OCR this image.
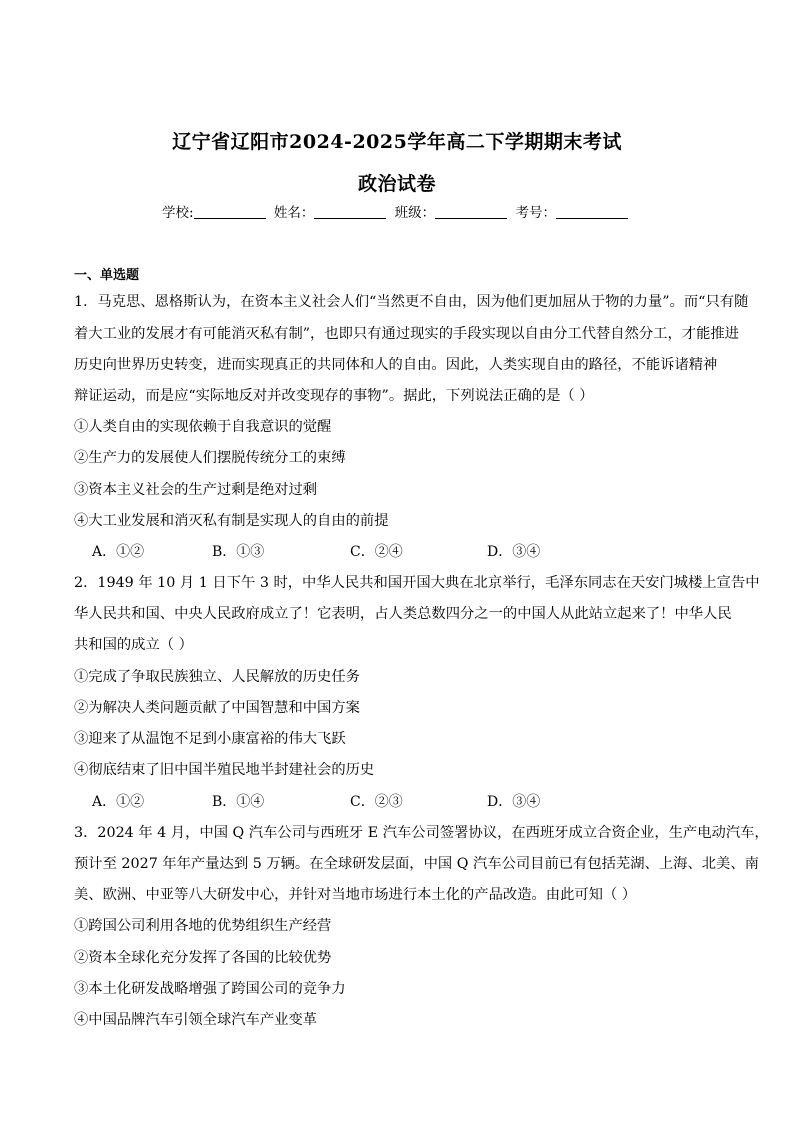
辽宁省辽阳市2024-2025学年高二下学期期末考试
政治试卷
学校:	姓名：	班级：	考号：
一、单选题
1．马克思、恩格斯认为，在资本主义社会人们“当然更不自由，因为他们更加屈从于物的力量”。而“只有随
着大工业的发展才有可能消灭私有制”，也即只有通过现实的手段实现以自由分工代替自然分工，才能推进
历史向世界历史转变，进而实现真正的共同体和人的自由。因此，人类实现自由的路径，不能诉诸精神
辩证运动，而是应“实际地反对并改变现存的事物”。据此，下列说法正确的是（ ）
①人类自由的实现依赖于自我意识的觉醒
②生产力的发展使人们摆脱传统分工的束缚
③资本主义社会的生产过剩是绝对过剩
④大工业发展和消灭私有制是实现人的自由的前提
A．①②	B．①③	C．②④	D．③④
2．1949 年 10 月 1 日下午 3 时，中华人民共和国开国大典在北京举行，毛泽东同志在天安门城楼上宣告中
华人民共和国、中央人民政府成立了！它表明，占人类总数四分之一的中国人从此站立起来了！中华人民
共和国的成立（ ）
①完成了争取民族独立、人民解放的历史任务
②为解决人类问题贡献了中国智慧和中国方案
③迎来了从温饱不足到小康富裕的伟大飞跃
④彻底结束了旧中国半殖民地半封建社会的历史
A．①②	B．①④	C．②③	D．③④
3．2024 年 4 月，中国 Q 汽车公司与西班牙 E 汽车公司签署协议，在西班牙成立合资企业，生产电动汽车，
预计至 2027 年年产量达到 5 万辆。在全球研发层面，中国 Q 汽车公司目前已有包括芜湖、上海、北美、南
美、欧洲、中亚等八大研发中心，并针对当地市场进行本土化的产品改造。由此可知（ ）
①跨国公司利用各地的优势组织生产经营
②资本全球化充分发挥了各国的比较优势
③本土化研发战略增强了跨国公司的竞争力
④中国品牌汽车引领全球汽车产业变革
